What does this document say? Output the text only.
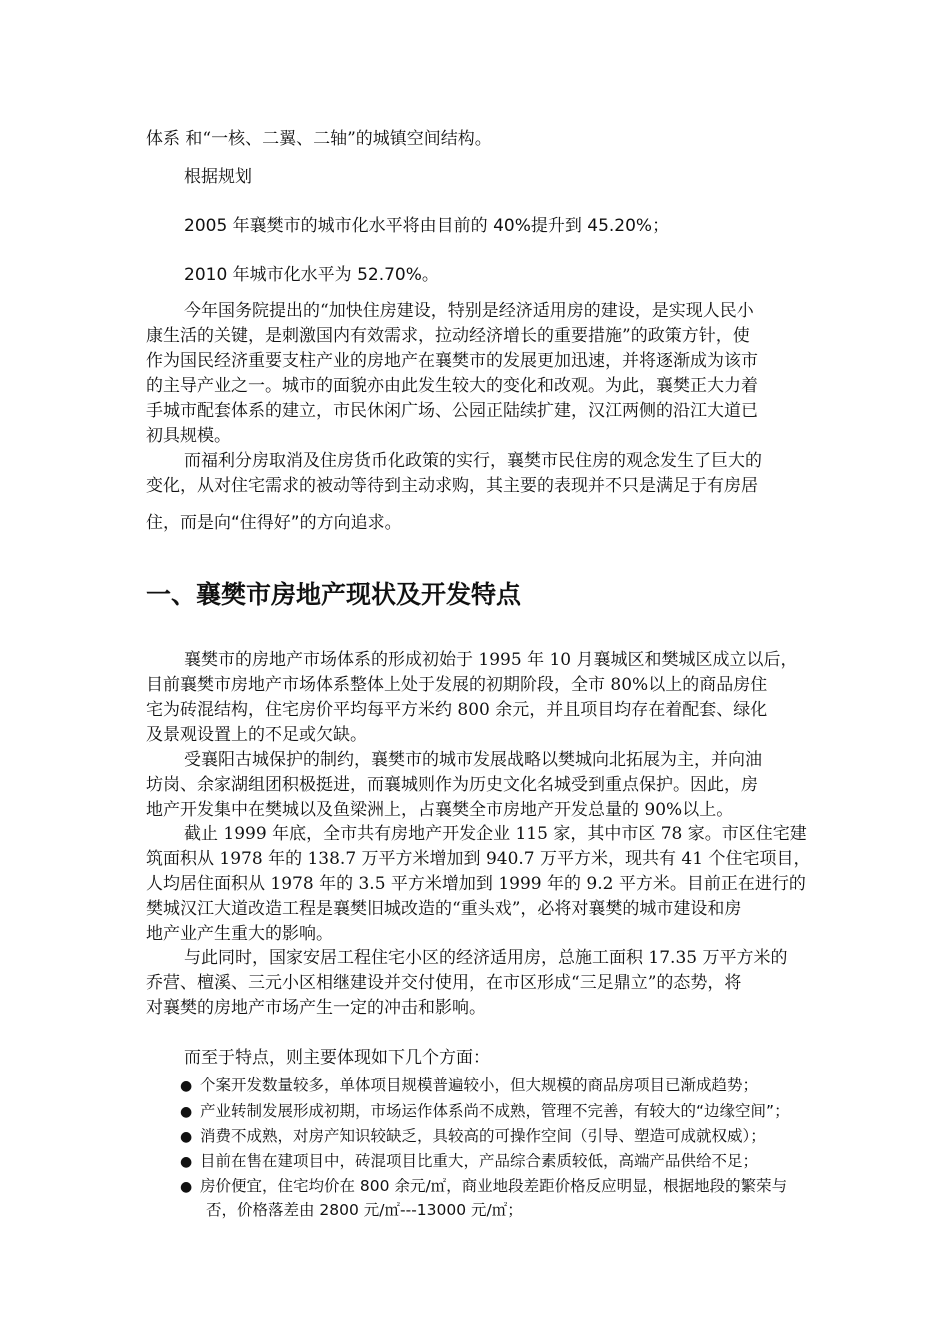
体系 和“一核、二翼、二轴”的城镇空间结构。
根据规划
2005 年襄樊市的城市化水平将由目前的 40%提升到 45.20%；
2010 年城市化水平为 52.70%。
今年国务院提出的“加快住房建设，特别是经济适用房的建设，是实现人民小
康生活的关键，是刺激国内有效需求，拉动经济增长的重要措施”的政策方针，使
作为国民经济重要支柱产业的房地产在襄樊市的发展更加迅速，并将逐渐成为该市
的主导产业之一。城市的面貌亦由此发生较大的变化和改观。为此，襄樊正大力着
手城市配套体系的建立，市民休闲广场、公园正陆续扩建，汉江两侧的沿江大道已
初具规模。
而福利分房取消及住房货币化政策的实行，襄樊市民住房的观念发生了巨大的
变化，从对住宅需求的被动等待到主动求购，其主要的表现并不只是满足于有房居
住，而是向“住得好”的方向追求。
一、襄樊市房地产现状及开发特点
襄樊市的房地产市场体系的形成初始于 1995 年 10 月襄城区和樊城区成立以后，
目前襄樊市房地产市场体系整体上处于发展的初期阶段，全市 80%以上的商品房住
宅为砖混结构，住宅房价平均每平方米约 800 余元，并且项目均存在着配套、绿化
及景观设置上的不足或欠缺。
受襄阳古城保护的制约，襄樊市的城市发展战略以樊城向北拓展为主，并向油
坊岗、余家湖组团积极挺进，而襄城则作为历史文化名城受到重点保护。因此，房
地产开发集中在樊城以及鱼梁洲上，占襄樊全市房地产开发总量的 90%以上。
截止 1999 年底，全市共有房地产开发企业 115 家，其中市区 78 家。市区住宅建
筑面积从 1978 年的 138.7 万平方米增加到 940.7 万平方米，现共有 41 个住宅项目，
人均居住面积从 1978 年的 3.5 平方米增加到 1999 年的 9.2 平方米。目前正在进行的
樊城汉江大道改造工程是襄樊旧城改造的“重头戏”，必将对襄樊的城市建设和房
地产业产生重大的影响。
与此同时，国家安居工程住宅小区的经济适用房，总施工面积 17.35 万平方米的
乔营、檀溪、三元小区相继建设并交付使用，在市区形成“三足鼎立”的态势，将
对襄樊的房地产市场产生一定的冲击和影响。
而至于特点，则主要体现如下几个方面：
● 个案开发数量较多，单体项目规模普遍较小，但大规模的商品房项目已渐成趋势；
● 产业转制发展形成初期，市场运作体系尚不成熟，管理不完善，有较大的“边缘空间”；
● 消费不成熟，对房产知识较缺乏，具较高的可操作空间（引导、塑造可成就权威）；
● 目前在售在建项目中，砖混项目比重大，产品综合素质较低，高端产品供给不足；
● 房价便宜，住宅均价在 800 余元/㎡，商业地段差距价格反应明显，根据地段的繁荣与
否，价格落差由 2800 元/㎡---13000 元/㎡；
